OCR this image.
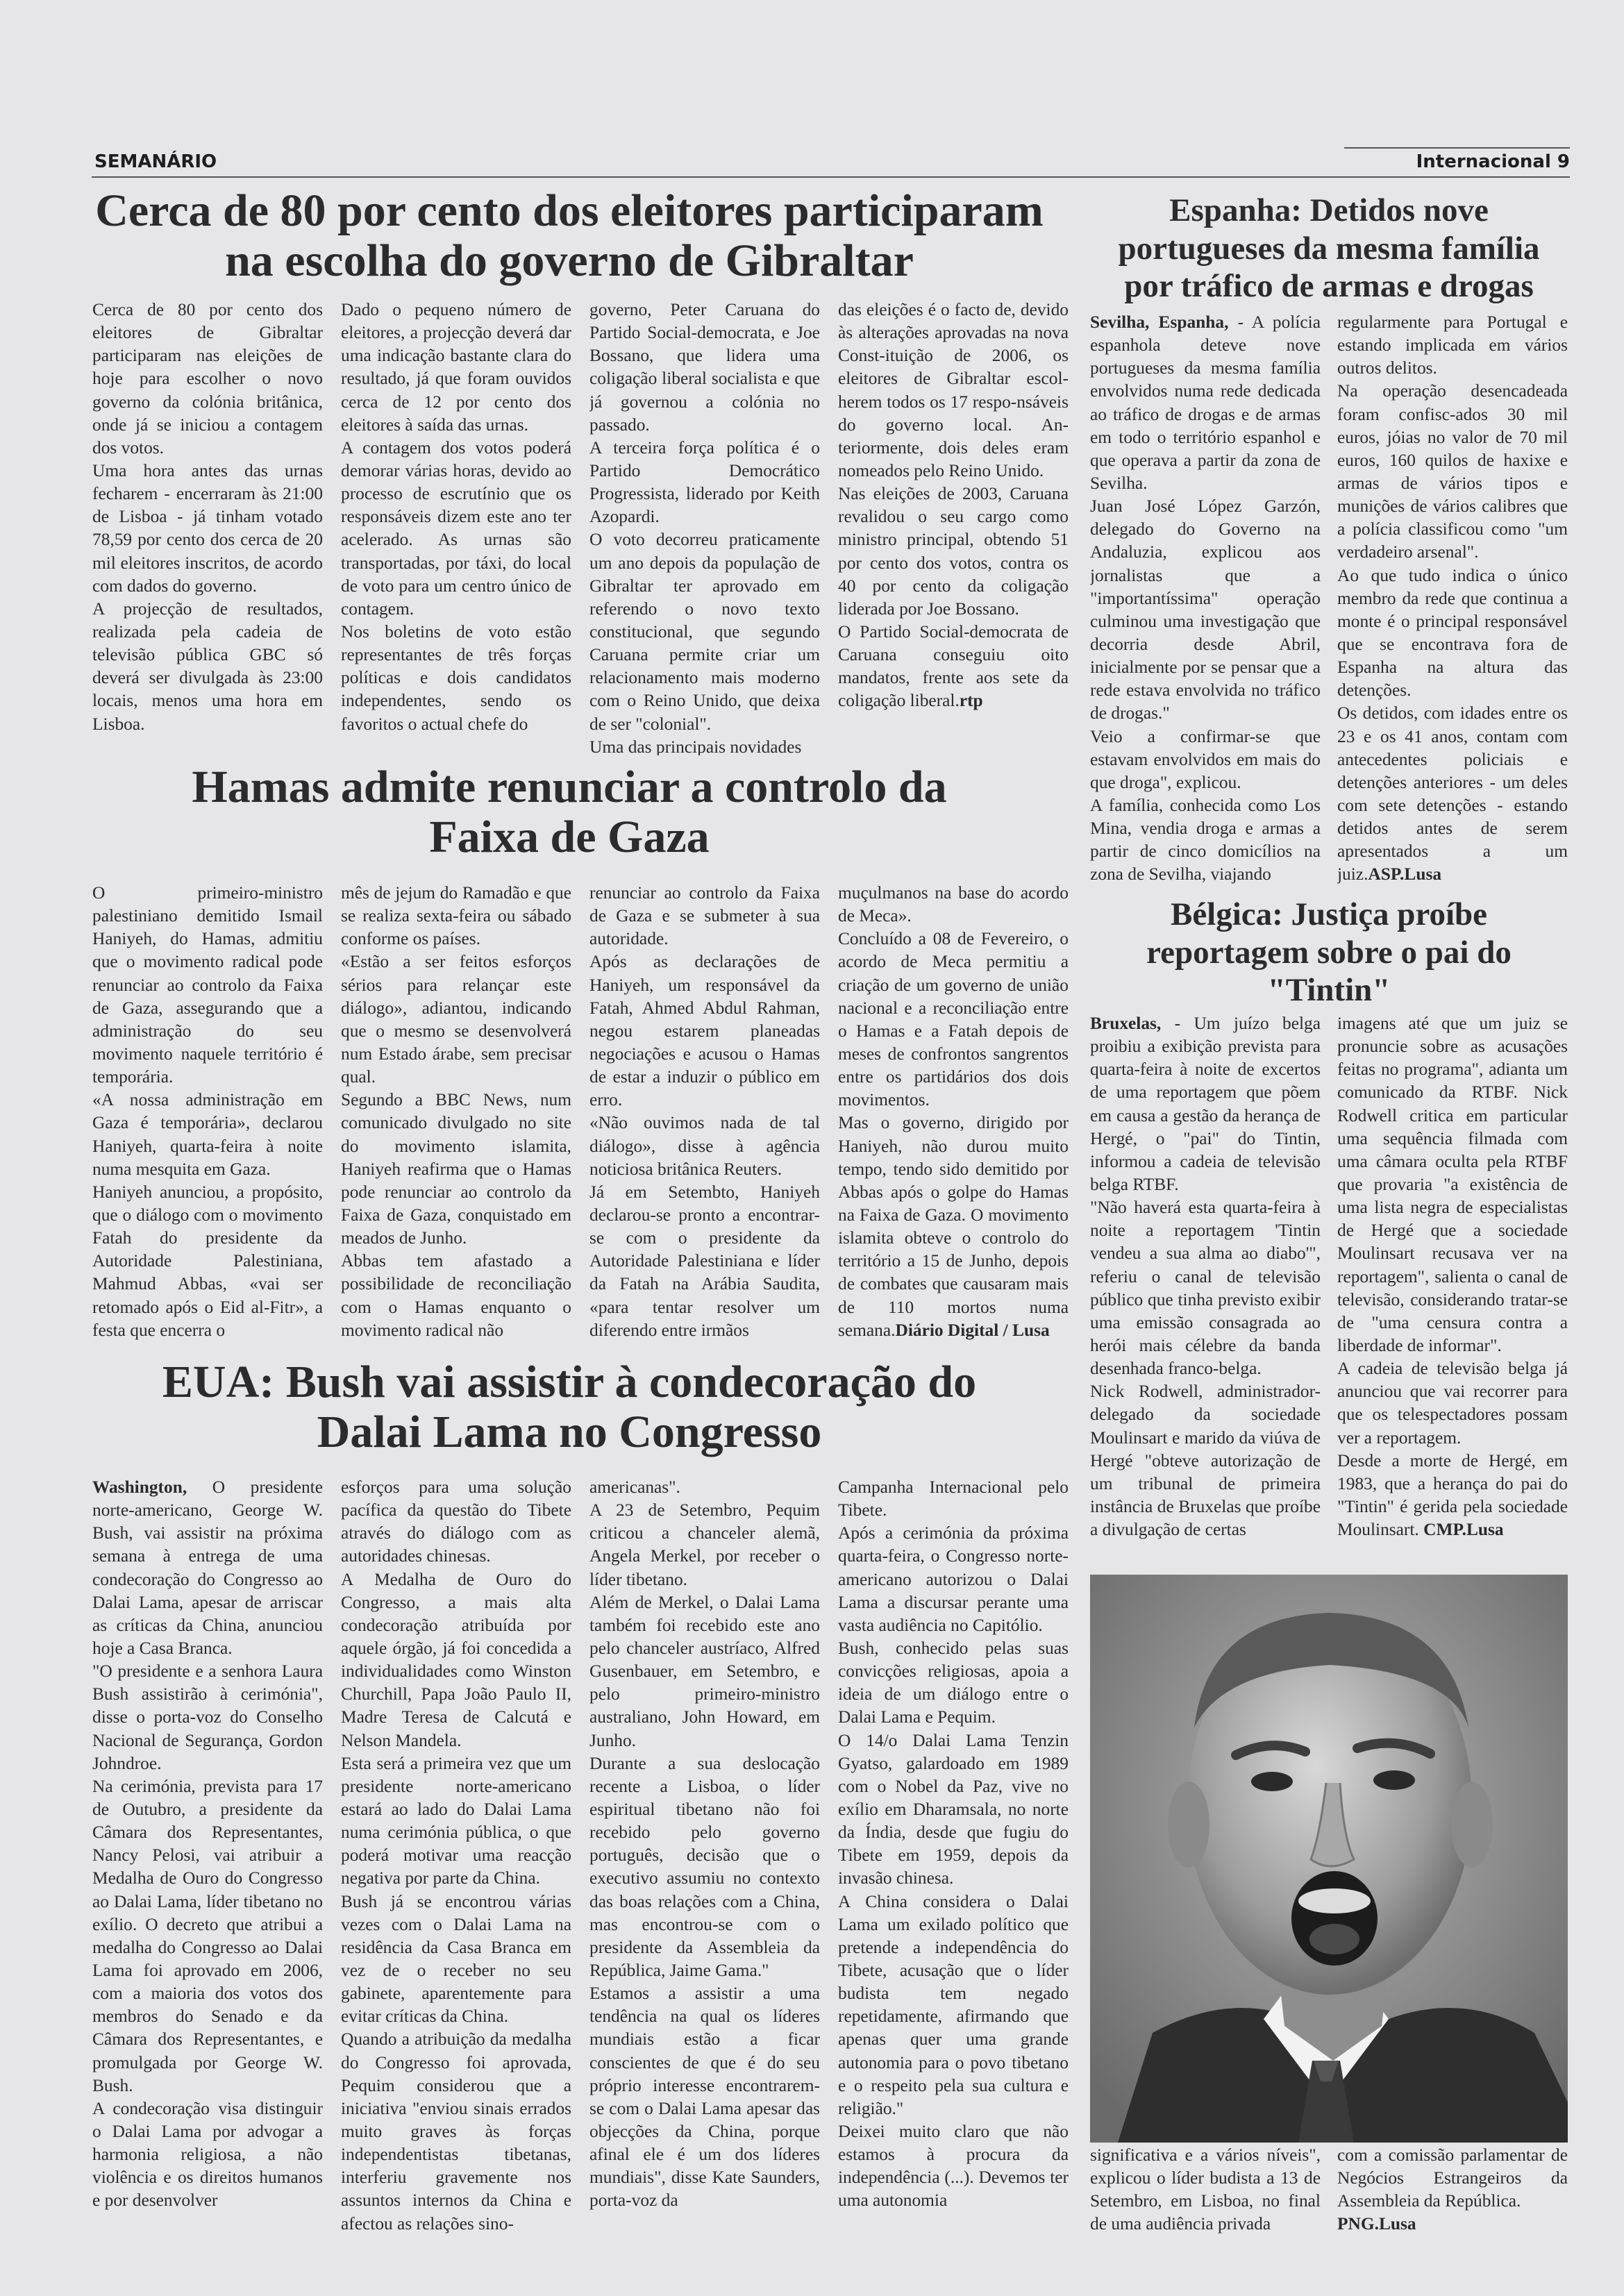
SEMANÁRIO	Internacional 9
Cerca de 80 por cento dos eleitores participaram
na escolha do governo de Gibraltar

Cerca de 80 por cento dos eleitores de Gibraltar participaram nas eleições de hoje para escolher o novo governo da colónia britânica, onde já se iniciou a contagem dos votos.
Uma hora antes das urnas fecharem - encerraram às 21:00 de Lisboa - já tinham votado 78,59 por cento dos cerca de 20 mil eleitores inscritos, de acordo com dados do governo.
A projecção de resultados, realizada pela cadeia de televisão pública GBC só deverá ser divulgada às 23:00 locais, menos uma hora em Lisboa.

Dado o pequeno número de eleitores, a projecção deverá dar uma indicação bastante clara do resultado, já que foram ouvidos cerca de 12 por cento dos eleitores à saída das urnas.
A contagem dos votos poderá demorar várias horas, devido ao processo de escrutínio que os responsáveis dizem este ano ter acelerado. As urnas são transportadas, por táxi, do local de voto para um centro único de contagem.
Nos boletins de voto estão representantes de três forças políticas e dois candidatos independentes, sendo os favoritos o actual chefe do

governo, Peter Caruana do Partido Social-democrata, e Joe Bossano, que lidera uma coligação liberal socialista e que já governou a colónia no passado.
A terceira força política é o Partido Democrático Progressista, liderado por Keith Azopardi.
O voto decorreu praticamente um ano depois da população de Gibraltar ter aprovado em referendo o novo texto constitucional, que segundo Caruana permite criar um relacionamento mais moderno com o Reino Unido, que deixa de ser "colonial".
Uma das principais novidades

das eleições é o facto de, devido às alterações aprovadas na nova Const-ituição de 2006, os eleitores de Gibraltar escol-herem todos os 17 respo-nsáveis do governo local. An-teriormente, dois deles eram nomeados pelo Reino Unido.
Nas eleições de 2003, Caruana revalidou o seu cargo como ministro principal, obtendo 51 por cento dos votos, contra os 40 por cento da coligação liderada por Joe Bossano.
O Partido Social-democrata de Caruana conseguiu oito mandatos, frente aos sete da coligação liberal.rtp

Hamas admite renunciar a controlo da
Faixa de Gaza

O primeiro-ministro palestiniano demitido Ismail Haniyeh, do Hamas, admitiu que o movimento radical pode renunciar ao controlo da Faixa de Gaza, assegurando que a administração do seu movimento naquele território é temporária.
«A nossa administração em Gaza é temporária», declarou Haniyeh, quarta-feira à noite numa mesquita em Gaza.
Haniyeh anunciou, a propósito, que o diálogo com o movimento Fatah do presidente da Autoridade Palestiniana, Mahmud Abbas, «vai ser retomado após o Eid al-Fitr», a festa que encerra o

mês de jejum do Ramadão e que se realiza sexta-feira ou sábado conforme os países.
«Estão a ser feitos esforços sérios para relançar este diálogo», adiantou, indicando que o mesmo se desenvolverá num Estado árabe, sem precisar qual.
Segundo a BBC News, num comunicado divulgado no site do movimento islamita, Haniyeh reafirma que o Hamas pode renunciar ao controlo da Faixa de Gaza, conquistado em meados de Junho.
Abbas tem afastado a possibilidade de reconciliação com o Hamas enquanto o movimento radical não

renunciar ao controlo da Faixa de Gaza e se submeter à sua autoridade.
Após as declarações de Haniyeh, um responsável da Fatah, Ahmed Abdul Rahman, negou estarem planeadas negociações e acusou o Hamas de estar a induzir o público em erro.
«Não ouvimos nada de tal diálogo», disse à agência noticiosa britânica Reuters.
Já em Setembto, Haniyeh declarou-se pronto a encontrar-se com o presidente da Autoridade Palestiniana e líder da Fatah na Arábia Saudita, «para tentar resolver um diferendo entre irmãos

muçulmanos na base do acordo de Meca».
Concluído a 08 de Fevereiro, o acordo de Meca permitiu a criação de um governo de união nacional e a reconciliação entre o Hamas e a Fatah depois de meses de confrontos sangrentos entre os partidários dos dois movimentos.
Mas o governo, dirigido por Haniyeh, não durou muito tempo, tendo sido demitido por Abbas após o golpe do Hamas na Faixa de Gaza. O movimento islamita obteve o controlo do território a 15 de Junho, depois de combates que causaram mais de 110 mortos numa semana.Diário Digital / Lusa

EUA: Bush vai assistir à condecoração do
Dalai Lama no Congresso

Washington, O presidente norte-americano, George W. Bush, vai assistir na próxima semana à entrega de uma condecoração do Congresso ao Dalai Lama, apesar de arriscar as críticas da China, anunciou hoje a Casa Branca.
"O presidente e a senhora Laura Bush assistirão à cerimónia", disse o porta-voz do Conselho Nacional de Segurança, Gordon Johndroe.
Na cerimónia, prevista para 17 de Outubro, a presidente da Câmara dos Representantes, Nancy Pelosi, vai atribuir a Medalha de Ouro do Congresso ao Dalai Lama, líder tibetano no exílio. O decreto que atribui a medalha do Congresso ao Dalai Lama foi aprovado em 2006, com a maioria dos votos dos membros do Senado e da Câmara dos Representantes, e promulgada por George W. Bush.
A condecoração visa distinguir o Dalai Lama por advogar a harmonia religiosa, a não violência e os direitos humanos e por desenvolver

esforços para uma solução pacífica da questão do Tibete através do diálogo com as autoridades chinesas.
A Medalha de Ouro do Congresso, a mais alta condecoração atribuída por aquele órgão, já foi concedida a individualidades como Winston Churchill, Papa João Paulo II, Madre Teresa de Calcutá e Nelson Mandela.
Esta será a primeira vez que um presidente norte-americano estará ao lado do Dalai Lama numa cerimónia pública, o que poderá motivar uma reacção negativa por parte da China.
Bush já se encontrou várias vezes com o Dalai Lama na residência da Casa Branca em vez de o receber no seu gabinete, aparentemente para evitar críticas da China.
Quando a atribuição da medalha do Congresso foi aprovada, Pequim considerou que a iniciativa "enviou sinais errados muito graves às forças independentistas tibetanas, interferiu gravemente nos assuntos internos da China e afectou as relações sino-

americanas".
A 23 de Setembro, Pequim criticou a chanceler alemã, Angela Merkel, por receber o líder tibetano.
Além de Merkel, o Dalai Lama também foi recebido este ano pelo chanceler austríaco, Alfred Gusenbauer, em Setembro, e pelo primeiro-ministro australiano, John Howard, em Junho.
Durante a sua deslocação recente a Lisboa, o líder espiritual tibetano não foi recebido pelo governo português, decisão que o executivo assumiu no contexto das boas relações com a China, mas encontrou-se com o presidente da Assembleia da República, Jaime Gama."
Estamos a assistir a uma tendência na qual os líderes mundiais estão a ficar conscientes de que é do seu próprio interesse encontrarem-se com o Dalai Lama apesar das objecções da China, porque afinal ele é um dos líderes mundiais", disse Kate Saunders, porta-voz da

Campanha Internacional pelo Tibete.
Após a cerimónia da próxima quarta-feira, o Congresso norte-americano autorizou o Dalai Lama a discursar perante uma vasta audiência no Capitólio.
Bush, conhecido pelas suas convicções religiosas, apoia a ideia de um diálogo entre o Dalai Lama e Pequim.
O 14/o Dalai Lama Tenzin Gyatso, galardoado em 1989 com o Nobel da Paz, vive no exílio em Dharamsala, no norte da Índia, desde que fugiu do Tibete em 1959, depois da invasão chinesa.
A China considera o Dalai Lama um exilado político que pretende a independência do Tibete, acusação que o líder budista tem negado repetidamente, afirmando que apenas quer uma grande autonomia para o povo tibetano e o respeito pela sua cultura e religião."
Deixei muito claro que não estamos à procura da independência (...). Devemos ter uma autonomia

significativa e a vários níveis", explicou o líder budista a 13 de Setembro, em Lisboa, no final de uma audiência privada

com a comissão parlamentar de Negócios Estrangeiros da Assembleia da República.
PNG.Lusa

Espanha: Detidos nove
portugueses da mesma família
por tráfico de armas e drogas

Sevilha, Espanha, - A polícia espanhola deteve nove portugueses da mesma família envolvidos numa rede dedicada ao tráfico de drogas e de armas em todo o território espanhol e que operava a partir da zona de Sevilha.
Juan José López Garzón, delegado do Governo na Andaluzia, explicou aos jornalistas que a "importantíssima" operação culminou uma investigação que decorria desde Abril, inicialmente por se pensar que a rede estava envolvida no tráfico de drogas."
Veio a confirmar-se que estavam envolvidos em mais do que droga", explicou.
A família, conhecida como Los Mina, vendia droga e armas a partir de cinco domicílios na zona de Sevilha, viajando

regularmente para Portugal e estando implicada em vários outros delitos.
Na operação desencadeada foram confisc-ados 30 mil euros, jóias no valor de 70 mil euros, 160 quilos de haxixe e armas de vários tipos e munições de vários calibres que a polícia classificou como "um verdadeiro arsenal".
Ao que tudo indica o único membro da rede que continua a monte é o principal responsável que se encontrava fora de Espanha na altura das detenções.
Os detidos, com idades entre os 23 e os 41 anos, contam com antecedentes policiais e detenções anteriores - um deles com sete detenções - estando detidos antes de serem apresentados a um juiz.ASP.Lusa

Bélgica: Justiça proíbe
reportagem sobre o pai do
"Tintin"

Bruxelas, - Um juízo belga proibiu a exibição prevista para quarta-feira à noite de excertos de uma reportagem que põem em causa a gestão da herança de Hergé, o "pai" do Tintin, informou a cadeia de televisão belga RTBF.
"Não haverá esta quarta-feira à noite a reportagem 'Tintin vendeu a sua alma ao diabo'", referiu o canal de televisão público que tinha previsto exibir uma emissão consagrada ao herói mais célebre da banda desenhada franco-belga.
Nick Rodwell, administrador-delegado da sociedade Moulinsart e marido da viúva de Hergé "obteve autorização de um tribunal de primeira instância de Bruxelas que proíbe a divulgação de certas

imagens até que um juiz se pronuncie sobre as acusações feitas no programa", adianta um comunicado da RTBF. Nick Rodwell critica em particular uma sequência filmada com uma câmara oculta pela RTBF que provaria "a existência de uma lista negra de especialistas de Hergé que a sociedade Moulinsart recusava ver na reportagem", salienta o canal de televisão, considerando tratar-se de "uma censura contra a liberdade de informar".
A cadeia de televisão belga já anunciou que vai recorrer para que os telespectadores possam ver a reportagem.
Desde a morte de Hergé, em 1983, que a herança do pai do "Tintin" é gerida pela sociedade Moulinsart. CMP.Lusa
